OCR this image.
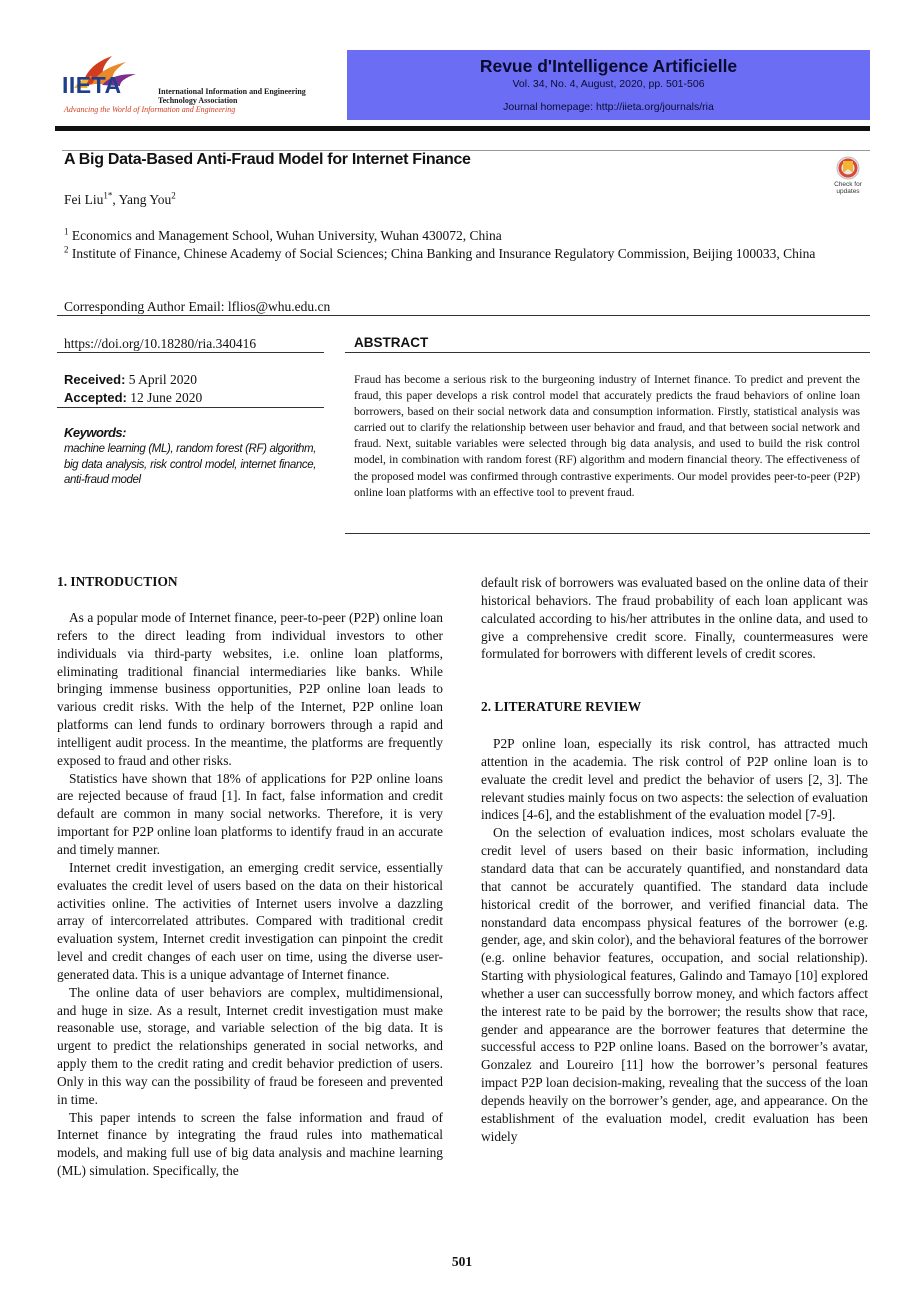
IIETA	International Information and Engineering Technology Association
Advancing the World of Information and Engineering
Revue d'Intelligence Artificielle
Vol. 34, No. 4, August, 2020, pp. 501-506
Journal homepage: http://iieta.org/journals/ria
A Big Data-Based Anti-Fraud Model for Internet Finance
Check for
updates
Fei Liu$^{1*}$, Yang You$^2$
$^1$ Economics and Management School, Wuhan University, Wuhan 430072, China
$^2$ Institute of Finance, Chinese Academy of Social Sciences; China Banking and Insurance Regulatory Commission, Beijing 100033, China
Corresponding Author Email: lflios@whu.edu.cn
https://doi.org/10.18280/ria.340416
Received: 5 April 2020
Accepted: 12 June 2020
Keywords:
machine learning (ML), random forest (RF) algorithm, big data analysis, risk control model, internet finance, anti-fraud model
ABSTRACT
Fraud has become a serious risk to the burgeoning industry of Internet finance. To predict and prevent the fraud, this paper develops a risk control model that accurately predicts the fraud behaviors of online loan borrowers, based on their social network data and consumption information. Firstly, statistical analysis was carried out to clarify the relationship between user behavior and fraud, and that between social network and fraud. Next, suitable variables were selected through big data analysis, and used to build the risk control model, in combination with random forest (RF) algorithm and modern financial theory. The effectiveness of the proposed model was confirmed through contrastive experiments. Our model provides peer-to-peer (P2P) online loan platforms with an effective tool to prevent fraud.
1. INTRODUCTION

As a popular mode of Internet finance, peer-to-peer (P2P) online loan refers to the direct leading from individual investors to other individuals via third-party websites, i.e. online loan platforms, eliminating traditional financial intermediaries like banks. While bringing immense business opportunities, P2P online loan leads to various credit risks. With the help of the Internet, P2P online loan platforms can lend funds to ordinary borrowers through a rapid and intelligent audit process. In the meantime, the platforms are frequently exposed to fraud and other risks.

Statistics have shown that 18% of applications for P2P online loans are rejected because of fraud [1]. In fact, false information and credit default are common in many social networks. Therefore, it is very important for P2P online loan platforms to identify fraud in an accurate and timely manner.

Internet credit investigation, an emerging credit service, essentially evaluates the credit level of users based on the data on their historical activities online. The activities of Internet users involve a dazzling array of intercorrelated attributes. Compared with traditional credit evaluation system, Internet credit investigation can pinpoint the credit level and credit changes of each user on time, using the diverse user-generated data. This is a unique advantage of Internet finance.

The online data of user behaviors are complex, multidimensional, and huge in size. As a result, Internet credit investigation must make reasonable use, storage, and variable selection of the big data. It is urgent to predict the relationships generated in social networks, and apply them to the credit rating and credit behavior prediction of users. Only in this way can the possibility of fraud be foreseen and prevented in time.

This paper intends to screen the false information and fraud of Internet finance by integrating the fraud rules into mathematical models, and making full use of big data analysis and machine learning (ML) simulation. Specifically, the

default risk of borrowers was evaluated based on the online data of their historical behaviors. The fraud probability of each loan applicant was calculated according to his/her attributes in the online data, and used to give a comprehensive credit score. Finally, countermeasures were formulated for borrowers with different levels of credit scores.

2. LITERATURE REVIEW

P2P online loan, especially its risk control, has attracted much attention in the academia. The risk control of P2P online loan is to evaluate the credit level and predict the behavior of users [2, 3]. The relevant studies mainly focus on two aspects: the selection of evaluation indices [4-6], and the establishment of the evaluation model [7-9].

On the selection of evaluation indices, most scholars evaluate the credit level of users based on their basic information, including standard data that can be accurately quantified, and nonstandard data that cannot be accurately quantified. The standard data include historical credit of the borrower, and verified financial data. The nonstandard data encompass physical features of the borrower (e.g. gender, age, and skin color), and the behavioral features of the borrower (e.g. online behavior features, occupation, and social relationship). Starting with physiological features, Galindo and Tamayo [10] explored whether a user can successfully borrow money, and which factors affect the interest rate to be paid by the borrower; the results show that race, gender and appearance are the borrower features that determine the successful access to P2P online loans. Based on the borrower’s avatar, Gonzalez and Loureiro [11] how the borrower’s personal features impact P2P loan decision-making, revealing that the success of the loan depends heavily on the borrower’s gender, age, and appearance. On the establishment of the evaluation model, credit evaluation has been widely

501
